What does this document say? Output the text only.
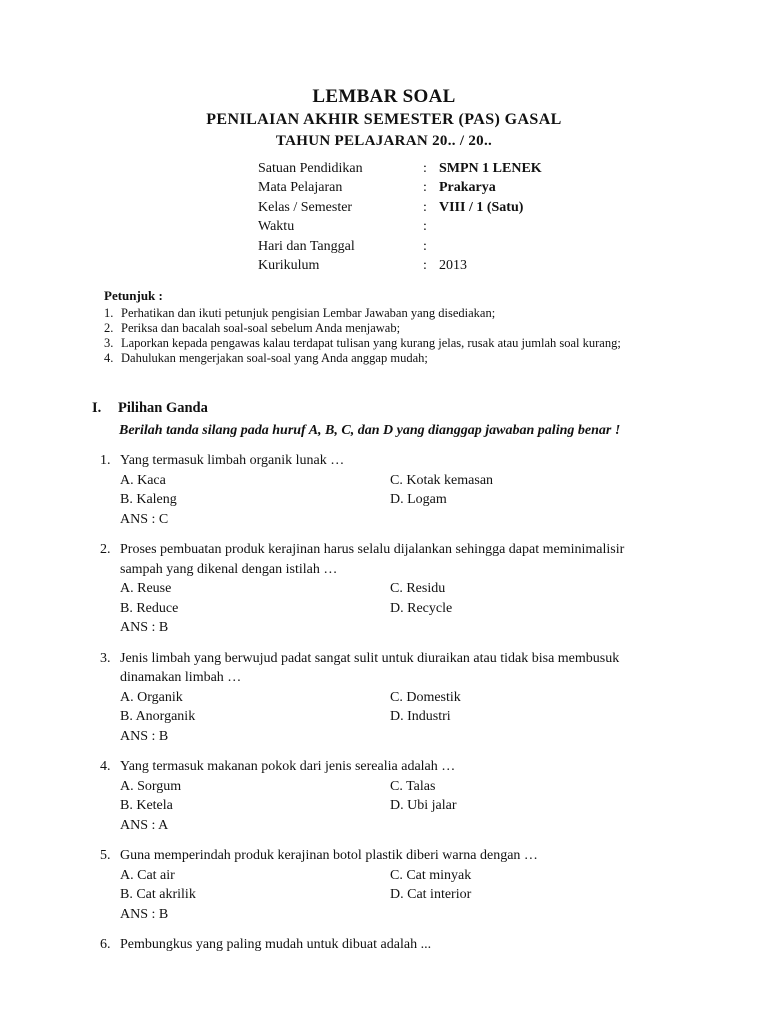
LEMBAR SOAL
PENILAIAN AKHIR SEMESTER (PAS) GASAL
TAHUN PELAJARAN 20.. / 20..
Satuan Pendidikan	: SMPN 1 LENEK
Mata Pelajaran	: Prakarya
Kelas / Semester	: VIII / 1 (Satu)
Waktu	:
Hari dan Tanggal	:
Kurikulum	: 2013
Petunjuk :
1. Perhatikan dan ikuti petunjuk pengisian Lembar Jawaban yang disediakan;
2. Periksa dan bacalah soal-soal sebelum Anda menjawab;
3. Laporkan kepada pengawas kalau terdapat tulisan yang kurang jelas, rusak atau jumlah soal kurang;
4. Dahulukan mengerjakan soal-soal yang Anda anggap mudah;
I.	Pilihan Ganda
Berilah tanda silang pada huruf A, B, C, dan D yang dianggap jawaban paling benar !
1. Yang termasuk limbah organik lunak …
A. Kaca	C. Kotak kemasan
B. Kaleng	D. Logam
ANS : C
2. Proses pembuatan produk kerajinan harus selalu dijalankan sehingga dapat meminimalisir sampah yang dikenal dengan istilah …
A. Reuse	C. Residu
B. Reduce	D. Recycle
ANS : B
3. Jenis limbah yang berwujud padat sangat sulit untuk diuraikan atau tidak bisa membusuk dinamakan limbah …
A. Organik	C. Domestik
B. Anorganik	D. Industri
ANS : B
4. Yang termasuk makanan pokok dari jenis serealia adalah …
A. Sorgum	C. Talas
B. Ketela	D. Ubi jalar
ANS : A
5. Guna memperindah produk kerajinan botol plastik diberi warna dengan …
A. Cat air	C. Cat minyak
B. Cat akrilik	D. Cat interior
ANS : B
6. Pembungkus yang paling mudah untuk dibuat adalah ...
